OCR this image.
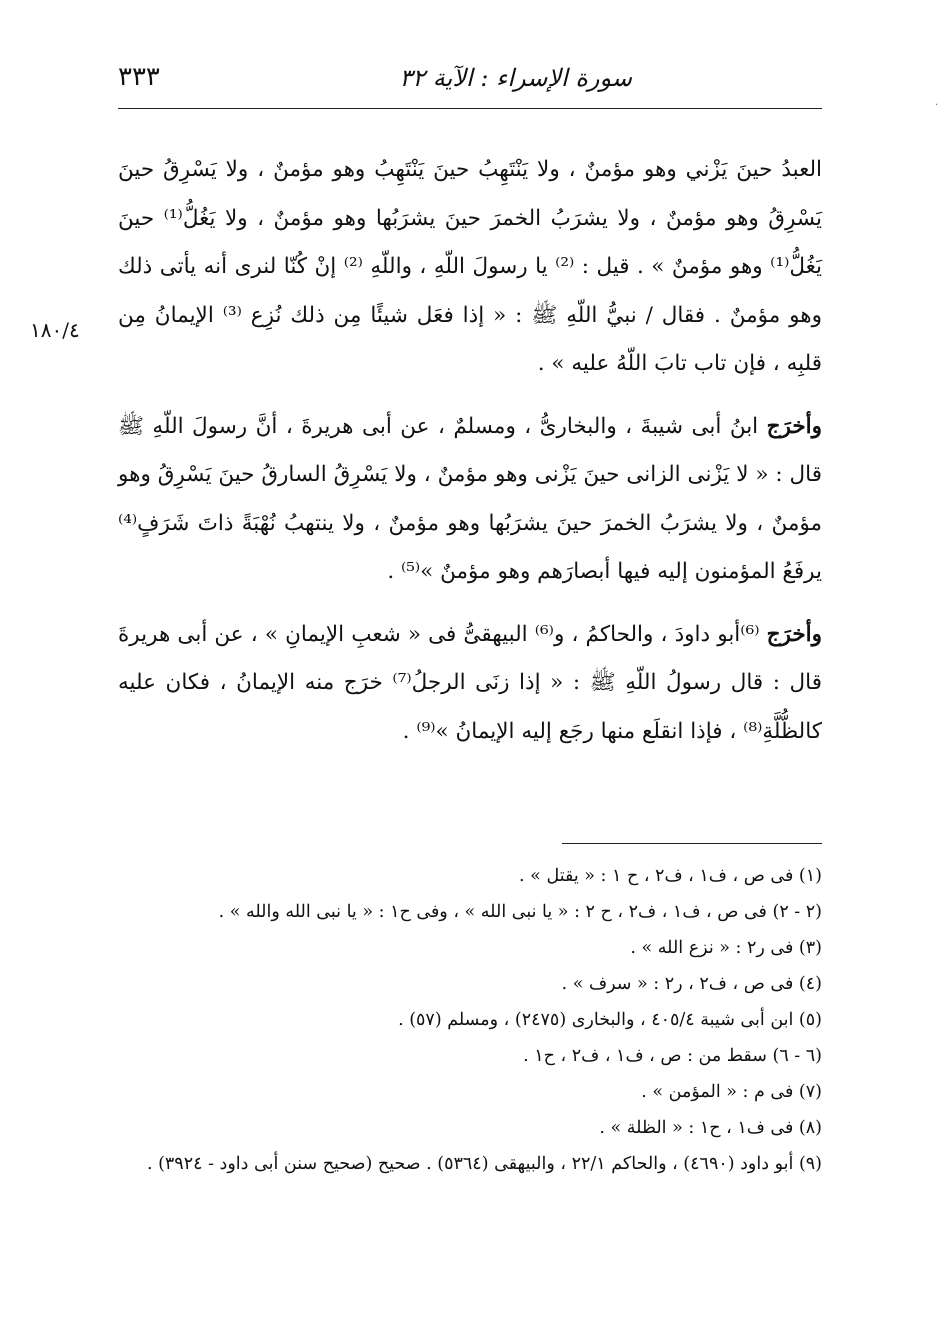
سورة الإسراء : الآية ٣٢
٣٣٣
·
١٨٠/٤

العبدُ حينَ يَزْني وهو مؤمنٌ ، ولا يَنْتَهِبُ حينَ يَنْتَهِبُ وهو مؤمنٌ ، ولا يَسْرِقُ حينَ يَسْرِقُ وهو مؤمنٌ ، ولا يشرَبُ الخمرَ حينَ يشرَبُها وهو مؤمنٌ ، ولا يَغُلُّ⁽¹⁾ حينَ يَغُلُّ⁽¹⁾ وهو مؤمنٌ » . قيل : ⁽²⁾ يا رسولَ اللّهِ ، واللّهِ ⁽²⁾ إنْ كُنّا لنرى أنه يأتى ذلك وهو مؤمنٌ . فقال / نبيُّ اللّهِ ﷺ : « إذا فعَل شيئًا مِن ذلك نُزِع ⁽³⁾ الإيمانُ مِن قلبِه ، فإن تاب تابَ اللّهُ عليه » .

وأخرَج ابنُ أبى شيبةَ ، والبخارىُّ ، ومسلمٌ ، عن أبى هريرةَ ، أنَّ رسولَ اللّهِ ﷺ قال : « لا يَزْنى الزانى حينَ يَزْنى وهو مؤمنٌ ، ولا يَسْرِقُ السارقُ حينَ يَسْرِقُ وهو مؤمنٌ ، ولا يشرَبُ الخمرَ حينَ يشرَبُها وهو مؤمنٌ ، ولا ينتهبُ نُهْبَةً ذاتَ شَرَفٍ⁽⁴⁾ يرفَعُ المؤمنون إليه فيها أبصارَهم وهو مؤمنٌ »⁽⁵⁾ .

وأخرَج ⁽⁶⁾أبو داودَ ، والحاكمُ ، و⁽⁶⁾ البيهقىُّ فى « شعبِ الإيمانِ » ، عن أبى هريرةَ قال : قال رسولُ اللّهِ ﷺ : « إذا زنَى الرجلُ⁽⁷⁾ خرَج منه الإيمانُ ، فكان عليه كالظُّلَّةِ⁽⁸⁾ ، فإذا انقلَع منها رجَع إليه الإيمانُ »⁽⁹⁾ .

(١) فى ص ، ف١ ، ف٢ ، ح ١ : « يقتل » .

(٢ - ٢) فى ص ، ف١ ، ف٢ ، ح ٢ : « يا نبى الله » ، وفى ح١ : « يا نبى الله والله » .

(٣) فى ر٢ : « نزع الله » .

(٤) فى ص ، ف٢ ، ر٢ : « سرف » .

(٥) ابن أبى شيبة ٤٠٥/٤ ، والبخارى (٢٤٧٥) ، ومسلم (٥٧) .

(٦ - ٦) سقط من : ص ، ف١ ، ف٢ ، ح١ .

(٧) فى م : « المؤمن » .

(٨) فى ف١ ، ح١ : « الظلة » .

(٩) أبو داود (٤٦٩٠) ، والحاكم ٢٢/١ ، والبيهقى (٥٣٦٤) . صحيح (صحيح سنن أبى داود - ٣٩٢٤) .
